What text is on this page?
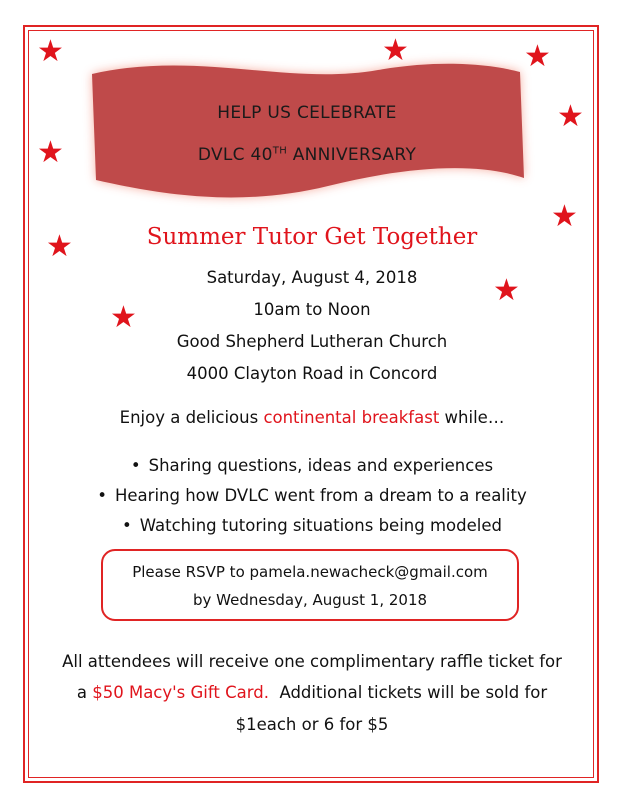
★	★	★
★
★
★
★
★
★
HELP US CELEBRATE
DVLC 40TH ANNIVERSARY
Summer Tutor Get Together
Saturday, August 4, 2018
10am to Noon
Good Shepherd Lutheran Church
4000 Clayton Road in Concord
Enjoy a delicious continental breakfast while…
• Sharing questions, ideas and experiences
• Hearing how DVLC went from a dream to a reality
• Watching tutoring situations being modeled
Please RSVP to pamela.newacheck@gmail.com
by Wednesday, August 1, 2018
All attendees will receive one complimentary raffle ticket for
a $50 Macy's Gift Card.  Additional tickets will be sold for
$1each or 6 for $5
